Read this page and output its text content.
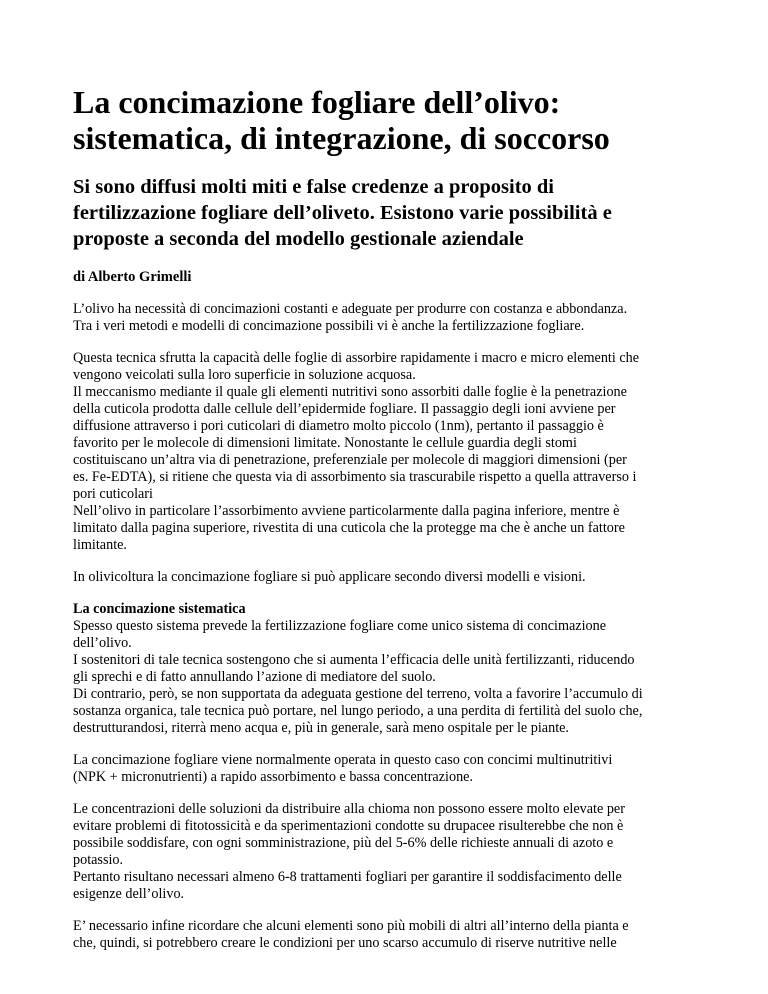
La concimazione fogliare dell’olivo:
sistematica, di integrazione, di soccorso
Si sono diffusi molti miti e false credenze a proposito di
fertilizzazione fogliare dell’oliveto. Esistono varie possibilità e
proposte a seconda del modello gestionale aziendale
di Alberto Grimelli
L’olivo ha necessità di concimazioni costanti e adeguate per produrre con costanza e abbondanza.
Tra i veri metodi e modelli di concimazione possibili vi è anche la fertilizzazione fogliare.
Questa tecnica sfrutta la capacità delle foglie di assorbire rapidamente i macro e micro elementi che
vengono veicolati sulla loro superficie in soluzione acquosa.
Il meccanismo mediante il quale gli elementi nutritivi sono assorbiti dalle foglie è la penetrazione
della cuticola prodotta dalle cellule dell’epidermide fogliare. Il passaggio degli ioni avviene per
diffusione attraverso i pori cuticolari di diametro molto piccolo (1nm), pertanto il passaggio è
favorito per le molecole di dimensioni limitate. Nonostante le cellule guardia degli stomi
costituiscano un’altra via di penetrazione, preferenziale per molecole di maggiori dimensioni (per
es. Fe-EDTA), si ritiene che questa via di assorbimento sia trascurabile rispetto a quella attraverso i
pori cuticolari
Nell’olivo in particolare l’assorbimento avviene particolarmente dalla pagina inferiore, mentre è
limitato dalla pagina superiore, rivestita di una cuticola che la protegge ma che è anche un fattore
limitante.
In olivicoltura la concimazione fogliare si può applicare secondo diversi modelli e visioni.
La concimazione sistematica
Spesso questo sistema prevede la fertilizzazione fogliare come unico sistema di concimazione
dell’olivo.
I sostenitori di tale tecnica sostengono che si aumenta l’efficacia delle unità fertilizzanti, riducendo
gli sprechi e di fatto annullando l’azione di mediatore del suolo.
Di contrario, però, se non supportata da adeguata gestione del terreno, volta a favorire l’accumulo di
sostanza organica, tale tecnica può portare, nel lungo periodo, a una perdita di fertilità del suolo che,
destrutturandosi, riterrà meno acqua e, più in generale, sarà meno ospitale per le piante.
La concimazione fogliare viene normalmente operata in questo caso con concimi multinutritivi
(NPK + micronutrienti) a rapido assorbimento e bassa concentrazione.
Le concentrazioni delle soluzioni da distribuire alla chioma non possono essere molto elevate per
evitare problemi di fitotossicità e da sperimentazioni condotte su drupacee risulterebbe che non è
possibile soddisfare, con ogni somministrazione, più del 5-6% delle richieste annuali di azoto e
potassio.
Pertanto risultano necessari almeno 6-8 trattamenti fogliari per garantire il soddisfacimento delle
esigenze dell’olivo.
E’ necessario infine ricordare che alcuni elementi sono più mobili di altri all’interno della pianta e
che, quindi, si potrebbero creare le condizioni per uno scarso accumulo di riserve nutritive nelle
